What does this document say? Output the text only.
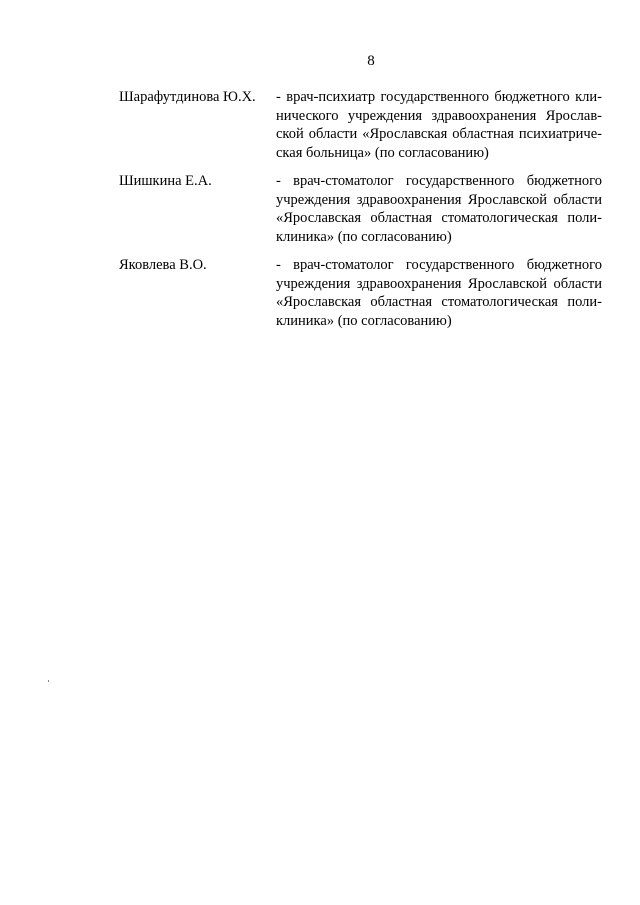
8
Шарафутдинова Ю.Х. - врач-психиатр государственного бюджетного кли-
нического учреждения здравоохранения Ярослав-
ской области «Ярославская областная психиатриче-
ская больница» (по согласованию)
Шишкина Е.А.	- врач-стоматолог государственного бюджетного
учреждения здравоохранения Ярославской области
«Ярославская областная стоматологическая поли-
клиника» (по согласованию)
Яковлева В.О.	- врач-стоматолог государственного бюджетного
учреждения здравоохранения Ярославской области
«Ярославская областная стоматологическая поли-
клиника» (по согласованию)
